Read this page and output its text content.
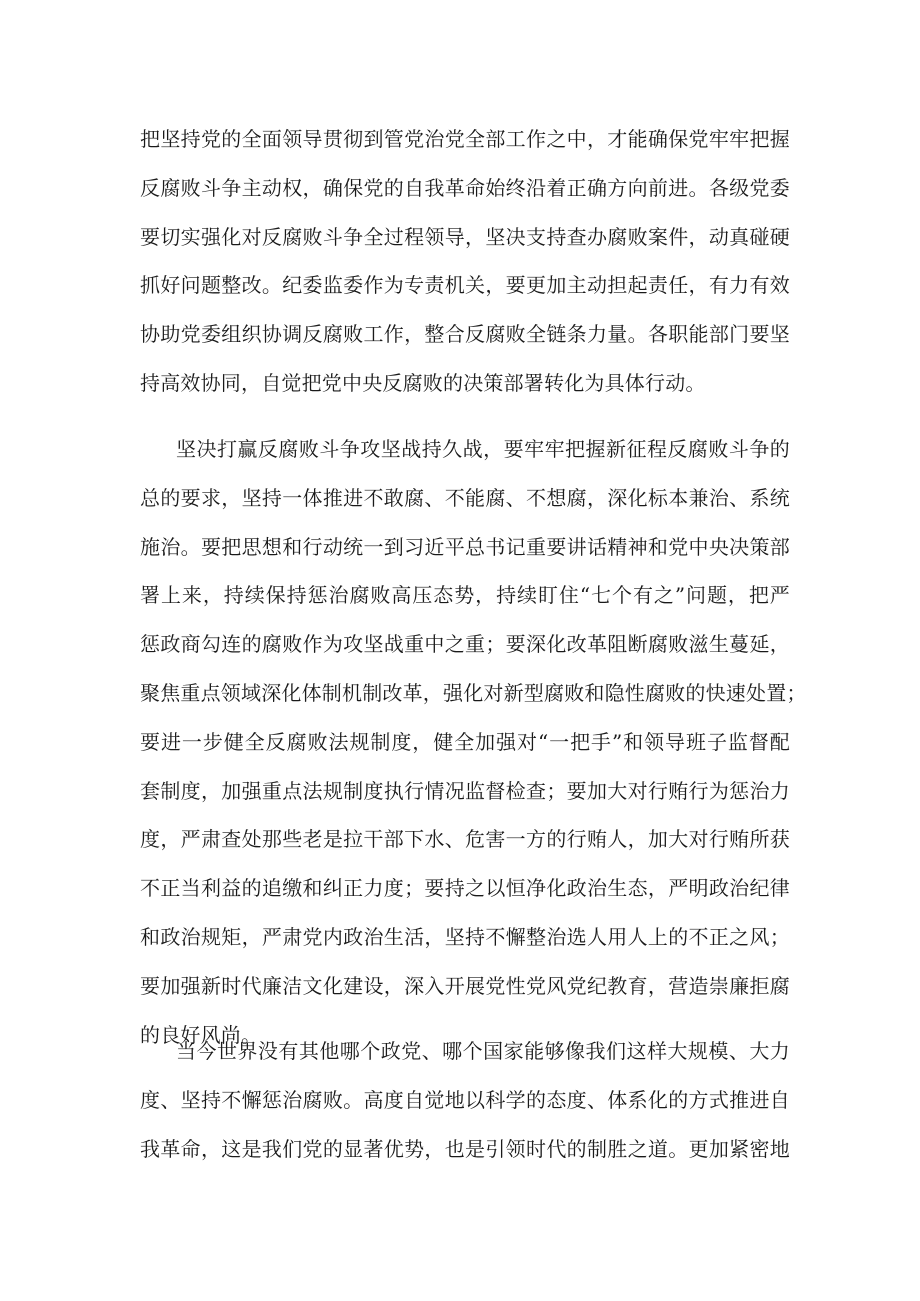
把坚持党的全面领导贯彻到管党治党全部工作之中，才能确保党牢牢把握
反腐败斗争主动权，确保党的自我革命始终沿着正确方向前进。各级党委
要切实强化对反腐败斗争全过程领导，坚决支持查办腐败案件，动真碰硬
抓好问题整改。纪委监委作为专责机关，要更加主动担起责任，有力有效
协助党委组织协调反腐败工作，整合反腐败全链条力量。各职能部门要坚
持高效协同，自觉把党中央反腐败的决策部署转化为具体行动。
坚决打赢反腐败斗争攻坚战持久战，要牢牢把握新征程反腐败斗争的
总的要求，坚持一体推进不敢腐、不能腐、不想腐，深化标本兼治、系统
施治。要把思想和行动统一到习近平总书记重要讲话精神和党中央决策部
署上来，持续保持惩治腐败高压态势，持续盯住“七个有之”问题，把严
惩政商勾连的腐败作为攻坚战重中之重；要深化改革阻断腐败滋生蔓延，
聚焦重点领域深化体制机制改革，强化对新型腐败和隐性腐败的快速处置；
要进一步健全反腐败法规制度，健全加强对“一把手”和领导班子监督配
套制度，加强重点法规制度执行情况监督检查；要加大对行贿行为惩治力
度，严肃查处那些老是拉干部下水、危害一方的行贿人，加大对行贿所获
不正当利益的追缴和纠正力度；要持之以恒净化政治生态，严明政治纪律
和政治规矩，严肃党内政治生活，坚持不懈整治选人用人上的不正之风；
要加强新时代廉洁文化建设，深入开展党性党风党纪教育，营造崇廉拒腐
的良好风尚。
当今世界没有其他哪个政党、哪个国家能够像我们这样大规模、大力
度、坚持不懈惩治腐败。高度自觉地以科学的态度、体系化的方式推进自
我革命，这是我们党的显著优势，也是引领时代的制胜之道。更加紧密地
